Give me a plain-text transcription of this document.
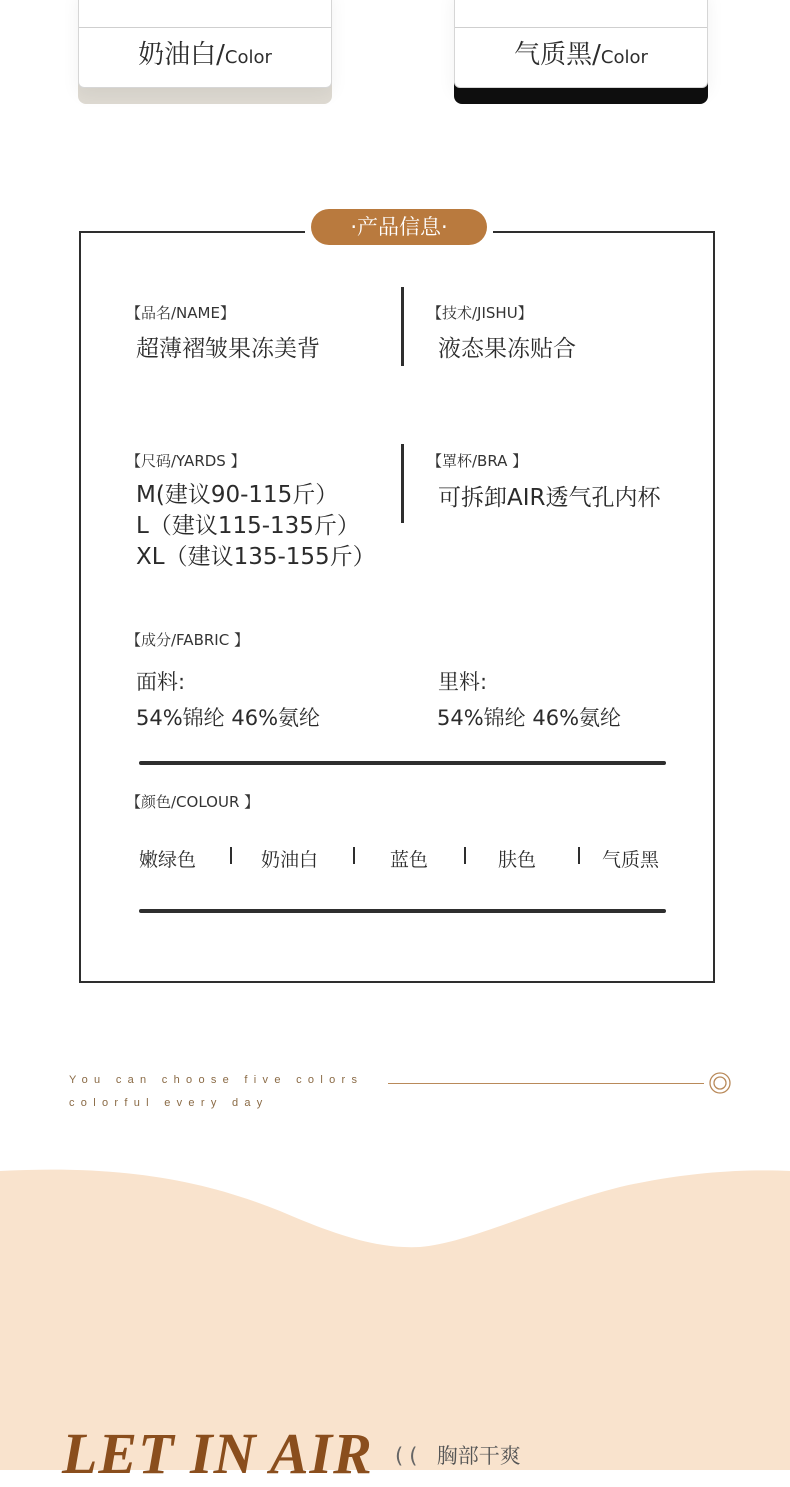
奶油白/Color	气质黑/Color
·产品信息·
【品名/NAME】
超薄褶皱果冻美背
【技术/JISHU】
液态果冻贴合
【尺码/YARDS 】
M(建议90-115斤）
L（建议115-135斤）
XL（建议135-155斤）
【罩杯/BRA 】
可拆卸AIR透气孔内杯
【成分/FABRIC 】
面料:
54%锦纶 46%氨纶
里料:
54%锦纶 46%氨纶
【颜色/COLOUR 】
嫩绿色	奶油白	蓝色	肤色	气质黑
You can choose five colors
colorful every day
LET IN AIR (( 胸部干爽
